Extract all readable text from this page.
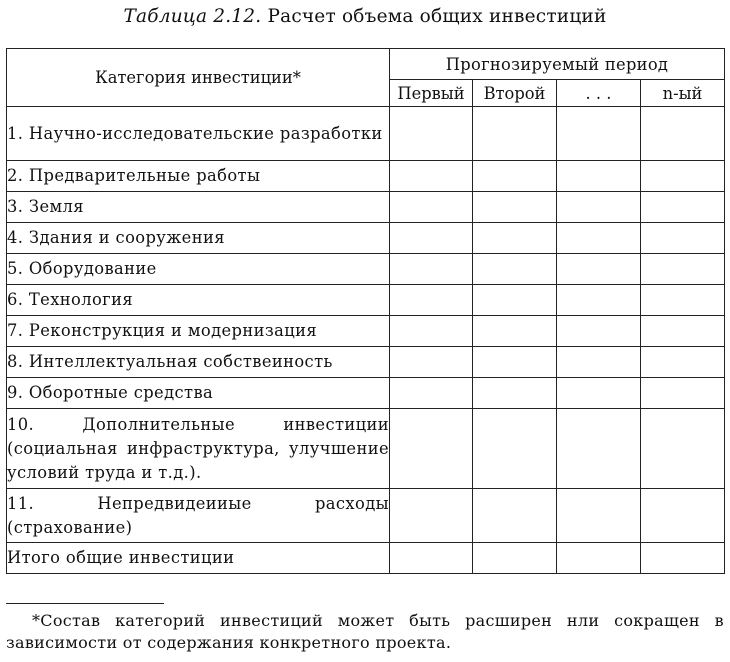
Таблица 2.12. Расчет объема общих инвестиций
Категория инвестиции*	Прогнозируемый период			
	Первый	Второй	. . .	n-ый
1. Научно-исследовательские разработки				
2. Предварительные работы				
3. Земля				
4. Здания и сооружения				
5. Оборудование				
6. Технология				
7. Реконструкция и модернизация				
8. Интеллектуальная собствеиность				
9. Оборотные средства				
10. Дополнительные инвестиции (социальная инфраструктура, улучшение условий труда и т.д.).				
11. Непредвидеииые расходы (страхование)				
Итого общие инвестиции				
*Состав категорий инвестиций может быть расширен нли сокращен в зависимости от содержания конкретного проекта.
